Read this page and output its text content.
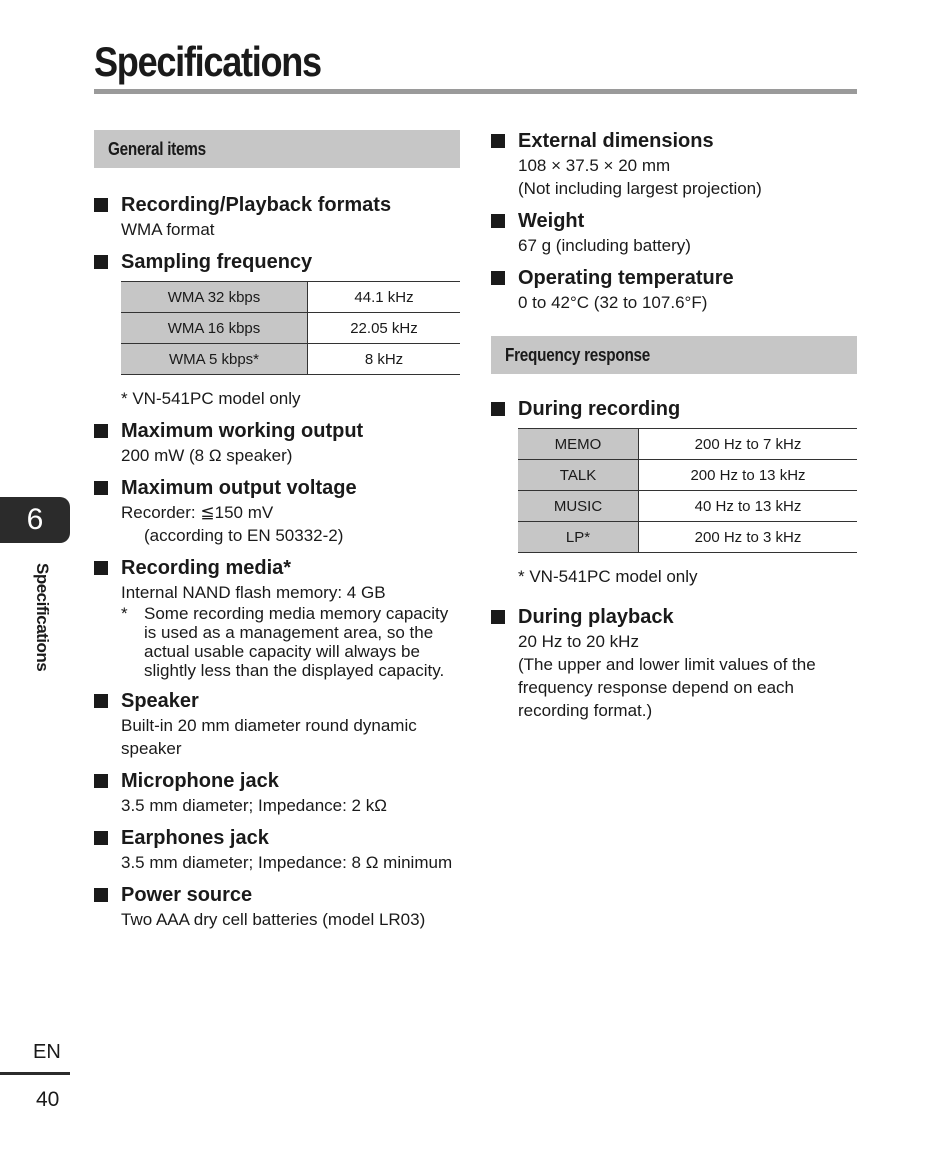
Specifications
General items
Recording/Playback formats
WMA format
Sampling frequency
WMA 32 kbps	44.1 kHz
WMA 16 kbps	22.05 kHz
WMA 5 kbps*	8 kHz
* VN-541PC model only
Maximum working output
200 mW (8 Ω speaker)
Maximum output voltage
Recorder: ≦150 mV
(according to EN 50332-2)
Recording media*
Internal NAND flash memory: 4 GB
* Some recording media memory capacity is used as a management area, so the actual usable capacity will always be slightly less than the displayed capacity.
Speaker
Built-in 20 mm diameter round dynamic speaker
Microphone jack
3.5 mm diameter; Impedance: 2 kΩ
Earphones jack
3.5 mm diameter; Impedance: 8 Ω minimum
Power source
Two AAA dry cell batteries (model LR03)
External dimensions
108 × 37.5 × 20 mm
(Not including largest projection)
Weight
67 g (including battery)
Operating temperature
0 to 42°C (32 to 107.6°F)
Frequency response
During recording
MEMO	200 Hz to 7 kHz
TALK	200 Hz to 13 kHz
MUSIC	40 Hz to 13 kHz
LP*	200 Hz to 3 kHz
* VN-541PC model only
During playback
20 Hz to 20 kHz
(The upper and lower limit values of the frequency response depend on each recording format.)
6
Specifications
EN
40
